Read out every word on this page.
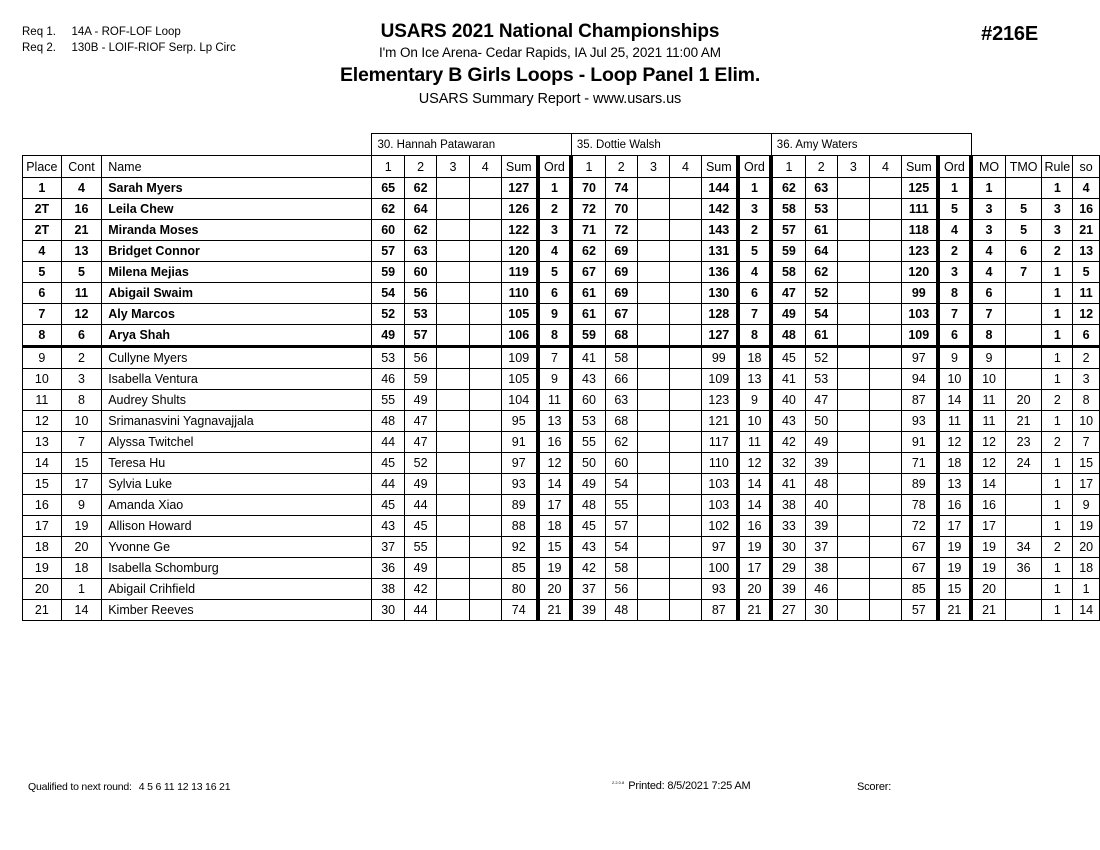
Req 1. 14A - ROF-LOF Loop
Req 2. 130B - LOIF-RIOF Serp. Lp Circ
USARS 2021 National Championships
I'm On Ice Arena- Cedar Rapids, IA Jul 25, 2021 11:00 AM
Elementary B Girls Loops - Loop Panel 1 Elim.
USARS Summary Report - www.usars.us
#216E
			30. Hannah Patawaran						35. Dottie Walsh						36. Amy Waters									
Place	Cont	Name	1	2	3	4	Sum	Ord	1	2	3	4	Sum	Ord	1	2	3	4	Sum	Ord	MO	TMO	Rule	so
1	4	Sarah Myers	65	62			127	1	70	74			144	1	62	63			125	1	1		1	4
2T	16	Leila Chew	62	64			126	2	72	70			142	3	58	53			111	5	3	5	3	16
2T	21	Miranda Moses	60	62			122	3	71	72			143	2	57	61			118	4	3	5	3	21
4	13	Bridget Connor	57	63			120	4	62	69			131	5	59	64			123	2	4	6	2	13
5	5	Milena Mejias	59	60			119	5	67	69			136	4	58	62			120	3	4	7	1	5
6	11	Abigail Swaim	54	56			110	6	61	69			130	6	47	52			99	8	6		1	11
7	12	Aly Marcos	52	53			105	9	61	67			128	7	49	54			103	7	7		1	12
8	6	Arya Shah	49	57			106	8	59	68			127	8	48	61			109	6	8		1	6
9	2	Cullyne Myers	53	56			109	7	41	58			99	18	45	52			97	9	9		1	2
10	3	Isabella Ventura	46	59			105	9	43	66			109	13	41	53			94	10	10		1	3
11	8	Audrey Shults	55	49			104	11	60	63			123	9	40	47			87	14	11	20	2	8
12	10	Srimanasvini Yagnavajjala	48	47			95	13	53	68			121	10	43	50			93	11	11	21	1	10
13	7	Alyssa Twitchel	44	47			91	16	55	62			117	11	42	49			91	12	12	23	2	7
14	15	Teresa Hu	45	52			97	12	50	60			110	12	32	39			71	18	12	24	1	15
15	17	Sylvia Luke	44	49			93	14	49	54			103	14	41	48			89	13	14		1	17
16	9	Amanda Xiao	45	44			89	17	48	55			103	14	38	40			78	16	16		1	9
17	19	Allison Howard	43	45			88	18	45	57			102	16	33	39			72	17	17		1	19
18	20	Yvonne Ge	37	55			92	15	43	54			97	19	30	37			67	19	19	34	2	20
19	18	Isabella Schomburg	36	49			85	19	42	58			100	17	29	38			67	19	19	36	1	18
20	1	Abigail Crihfield	38	42			80	20	37	56			93	20	39	46			85	15	20		1	1
21	14	Kimber Reeves	30	44			74	21	39	48			87	21	27	30			57	21	21		1	14
Qualified to next round: 4 5 6 11 12 13 16 21	$^{2.2.0.8}$ Printed: 8/5/2021 7:25 AM	Scorer:
